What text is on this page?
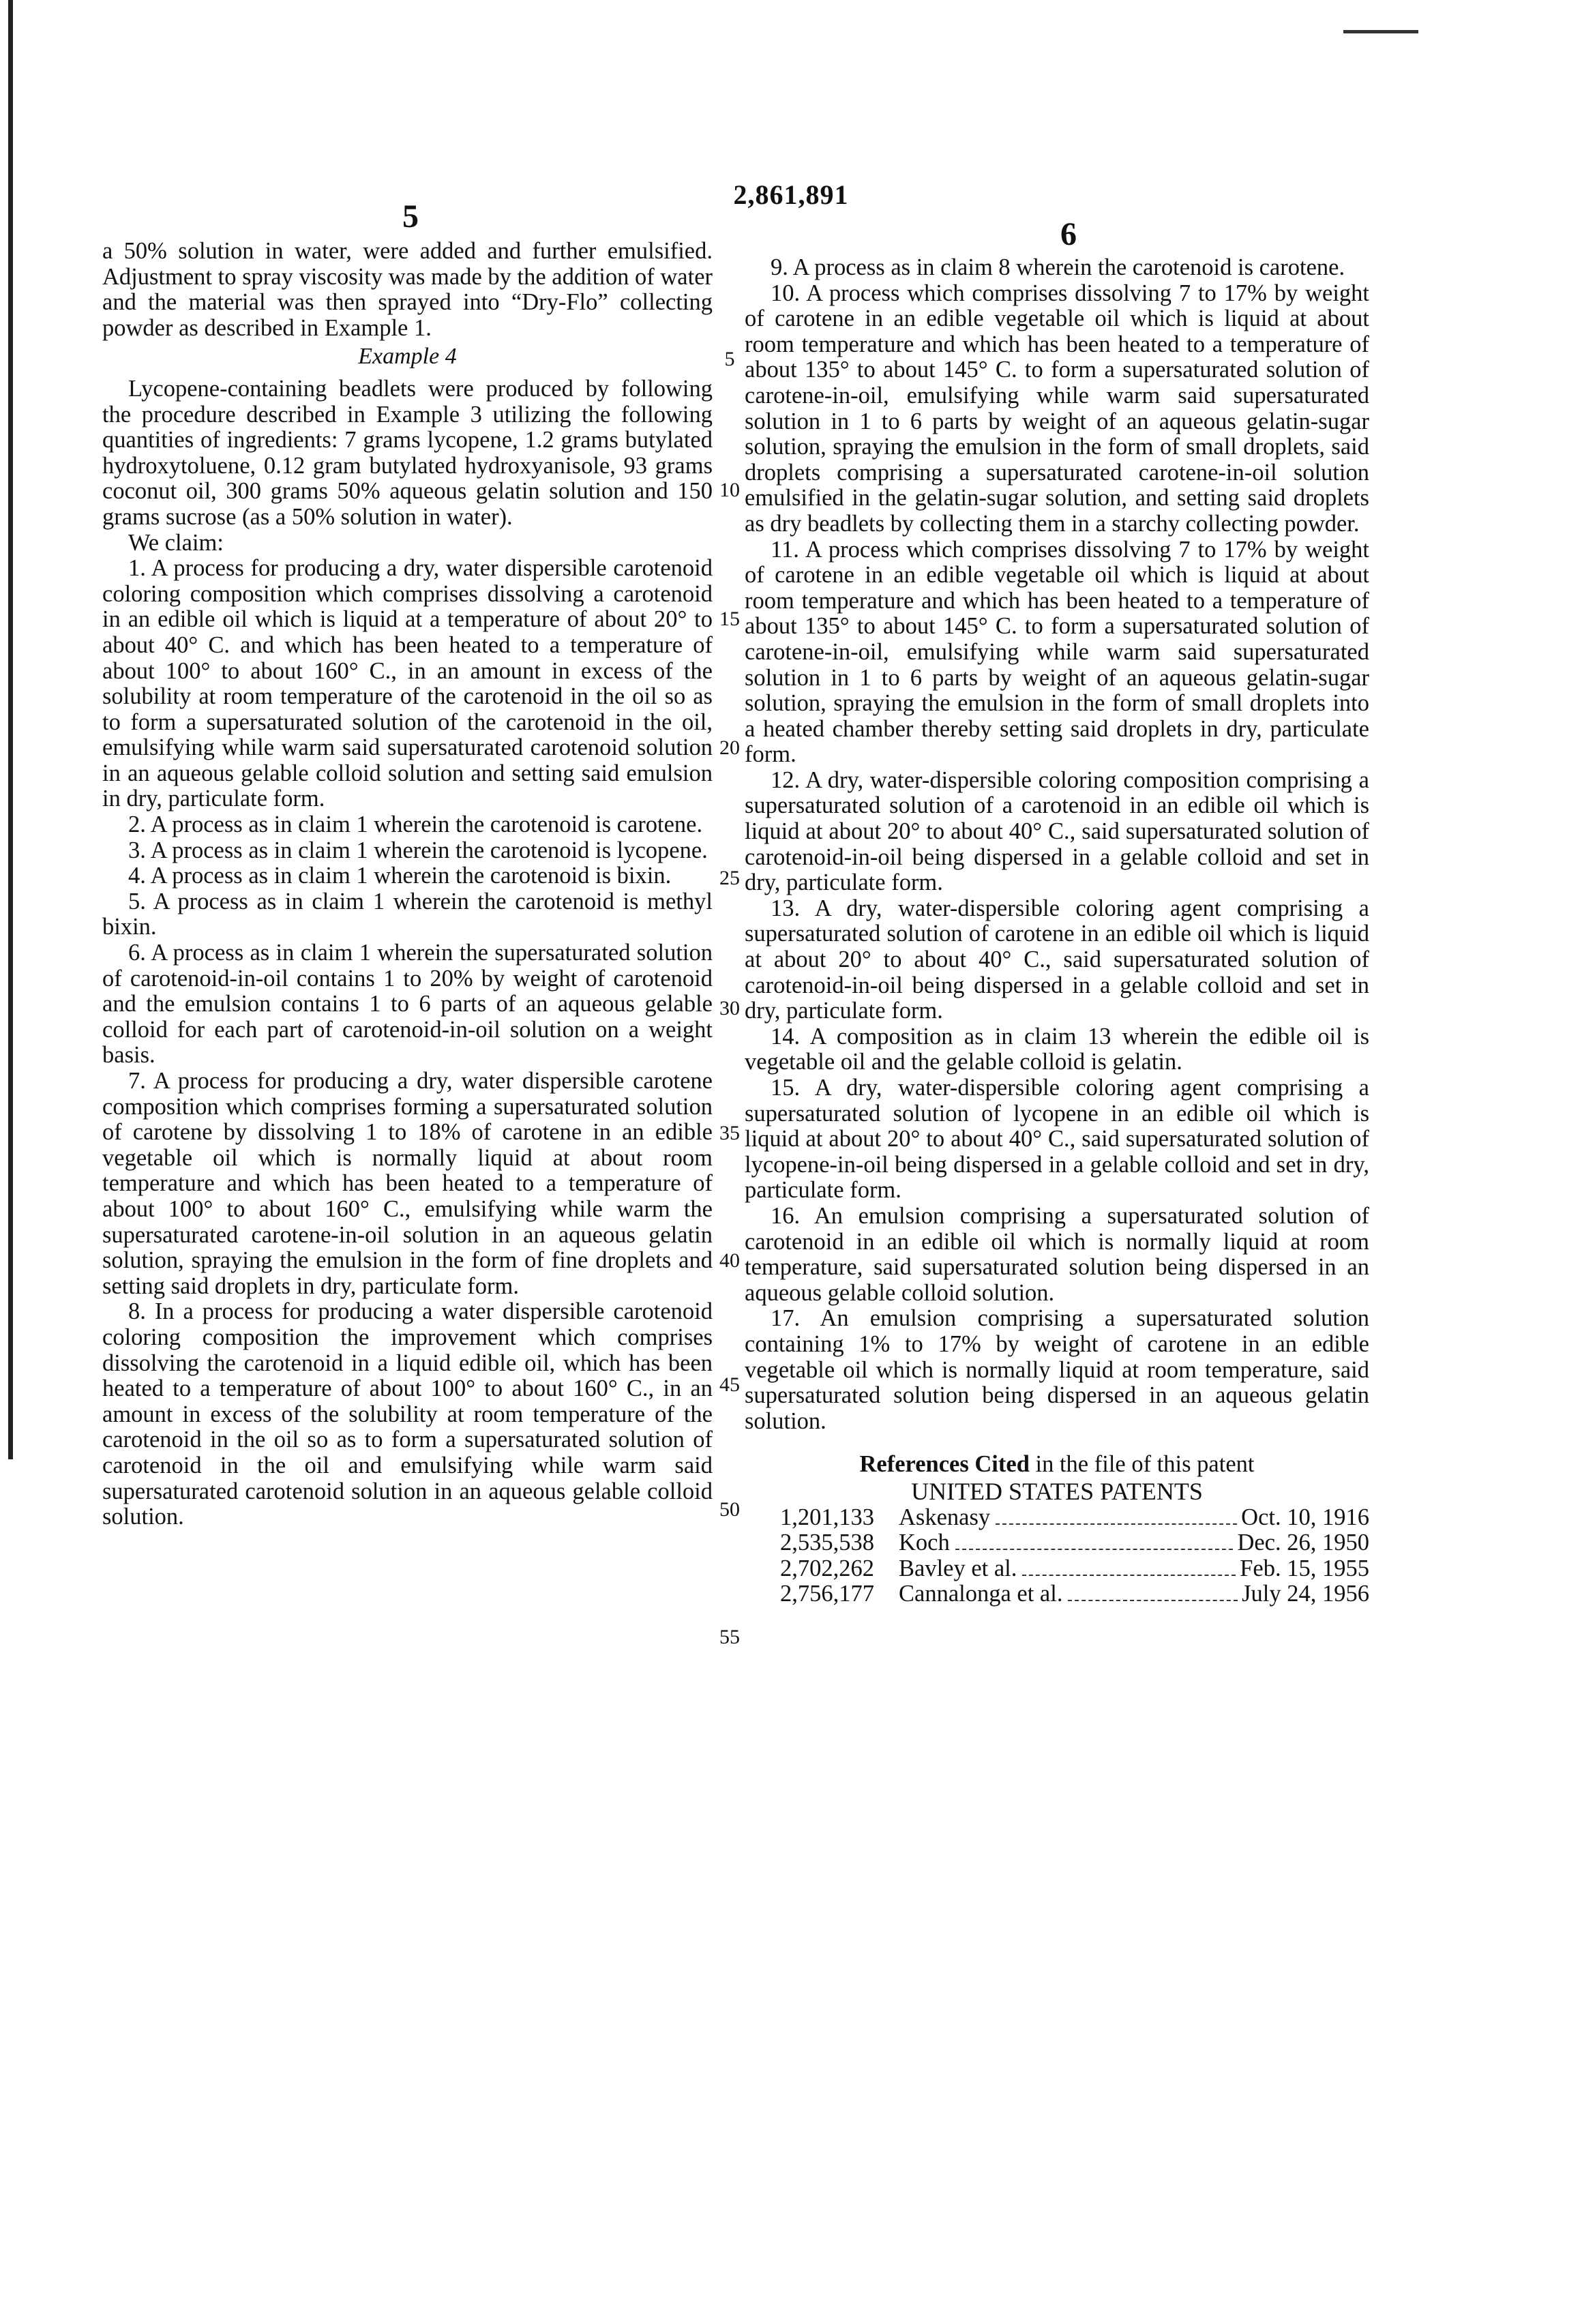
2,861,891
5	6

a 50% solution in water, were added and further emulsified. Adjustment to spray viscosity was made by the addition of water and the material was then sprayed into “Dry-Flo” collecting powder as described in Example 1.

Example 4

Lycopene-containing beadlets were produced by following the procedure described in Example 3 utilizing the following quantities of ingredients: 7 grams lycopene, 1.2 grams butylated hydroxytoluene, 0.12 gram butylated hydroxyanisole, 93 grams coconut oil, 300 grams 50% aqueous gelatin solution and 150 grams sucrose (as a 50% solution in water).

We claim:

1. A process for producing a dry, water dispersible carotenoid coloring composition which comprises dissolving a carotenoid in an edible oil which is liquid at a temperature of about 20° to about 40° C. and which has been heated to a temperature of about 100° to about 160° C., in an amount in excess of the solubility at room temperature of the carotenoid in the oil so as to form a supersaturated solution of the carotenoid in the oil, emulsifying while warm said supersaturated carotenoid solution in an aqueous gelable colloid solution and setting said emulsion in dry, particulate form.

2. A process as in claim 1 wherein the carotenoid is carotene.

3. A process as in claim 1 wherein the carotenoid is lycopene.

4. A process as in claim 1 wherein the carotenoid is bixin.

5. A process as in claim 1 wherein the carotenoid is methyl bixin.

6. A process as in claim 1 wherein the supersaturated solution of carotenoid-in-oil contains 1 to 20% by weight of carotenoid and the emulsion contains 1 to 6 parts of an aqueous gelable colloid for each part of carotenoid-in-oil solution on a weight basis.

7. A process for producing a dry, water dispersible carotene composition which comprises forming a supersaturated solution of carotene by dissolving 1 to 18% of carotene in an edible vegetable oil which is normally liquid at about room temperature and which has been heated to a temperature of about 100° to about 160° C., emulsifying while warm the supersaturated carotene-in-oil solution in an aqueous gelatin solution, spraying the emulsion in the form of fine droplets and setting said droplets in dry, particulate form.

8. In a process for producing a water dispersible carotenoid coloring composition the improvement which comprises dissolving the carotenoid in a liquid edible oil, which has been heated to a temperature of about 100° to about 160° C., in an amount in excess of the solubility at room temperature of the carotenoid in the oil so as to form a supersaturated solution of carotenoid in the oil and emulsifying while warm said supersaturated carotenoid solution in an aqueous gelable colloid solution.

5
10
15
20
25
30
35
40
45
50
55

9. A process as in claim 8 wherein the carotenoid is carotene.

10. A process which comprises dissolving 7 to 17% by weight of carotene in an edible vegetable oil which is liquid at about room temperature and which has been heated to a temperature of about 135° to about 145° C. to form a supersaturated solution of carotene-in-oil, emulsifying while warm said supersaturated solution in 1 to 6 parts by weight of an aqueous gelatin-sugar solution, spraying the emulsion in the form of small droplets, said droplets comprising a supersaturated carotene-in-oil solution emulsified in the gelatin-sugar solution, and setting said droplets as dry beadlets by collecting them in a starchy collecting powder.

11. A process which comprises dissolving 7 to 17% by weight of carotene in an edible vegetable oil which is liquid at about room temperature and which has been heated to a temperature of about 135° to about 145° C. to form a supersaturated solution of carotene-in-oil, emulsifying while warm said supersaturated solution in 1 to 6 parts by weight of an aqueous gelatin-sugar solution, spraying the emulsion in the form of small droplets into a heated chamber thereby setting said droplets in dry, particulate form.

12. A dry, water-dispersible coloring composition comprising a supersaturated solution of a carotenoid in an edible oil which is liquid at about 20° to about 40° C., said supersaturated solution of carotenoid-in-oil being dispersed in a gelable colloid and set in dry, particulate form.

13. A dry, water-dispersible coloring agent comprising a supersaturated solution of carotene in an edible oil which is liquid at about 20° to about 40° C., said supersaturated solution of carotenoid-in-oil being dispersed in a gelable colloid and set in dry, particulate form.

14. A composition as in claim 13 wherein the edible oil is vegetable oil and the gelable colloid is gelatin.

15. A dry, water-dispersible coloring agent comprising a supersaturated solution of lycopene in an edible oil which is liquid at about 20° to about 40° C., said supersaturated solution of lycopene-in-oil being dispersed in a gelable colloid and set in dry, particulate form.

16. An emulsion comprising a supersaturated solution of carotenoid in an edible oil which is normally liquid at room temperature, said supersaturated solution being dispersed in an aqueous gelable colloid solution.

17. An emulsion comprising a supersaturated solution containing 1% to 17% by weight of carotene in an edible vegetable oil which is normally liquid at room temperature, said supersaturated solution being dispersed in an aqueous gelatin solution.

References Cited in the file of this patent
UNITED STATES PATENTS
1,201,133 Askenasy	Oct. 10, 1916
2,535,538 Koch	Dec. 26, 1950
2,702,262 Bavley et al.	Feb. 15, 1955
2,756,177 Cannalonga et al.	July 24, 1956
